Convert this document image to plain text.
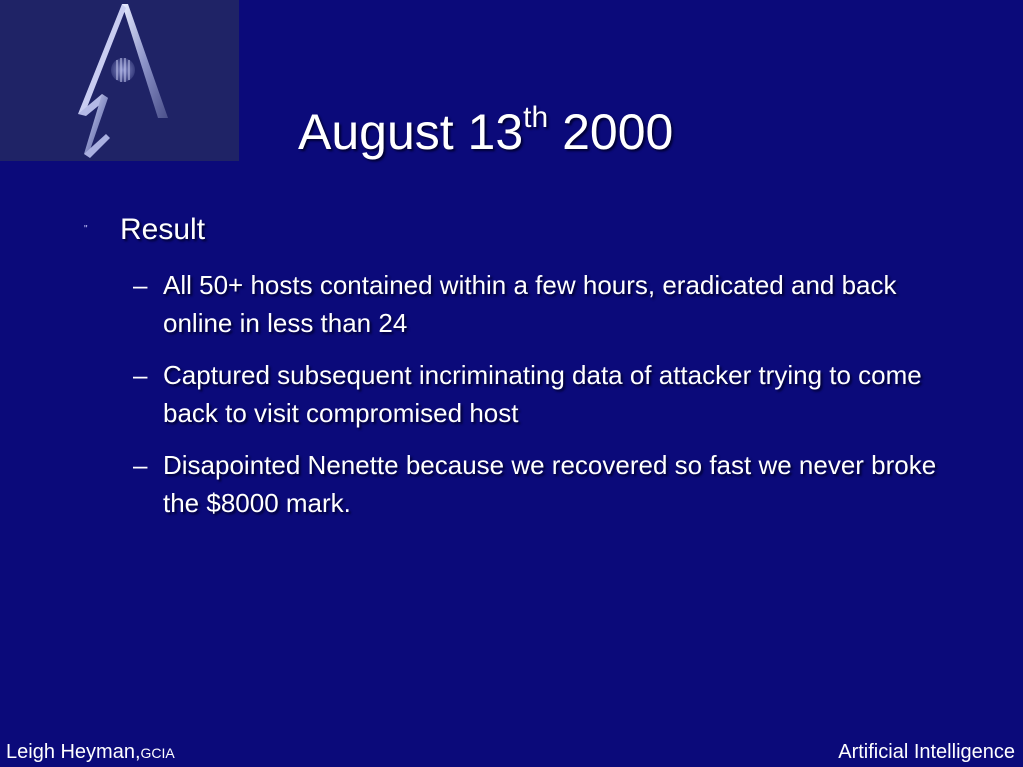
August 13th 2000
" Result
– All 50+ hosts contained within a few hours, eradicated and back online in less than 24
– Captured subsequent incriminating data of attacker trying to come back to visit compromised host
– Disapointed Nenette because we recovered so fast we never broke the $8000 mark.
Leigh Heyman,GCIA	Artificial Intelligence
